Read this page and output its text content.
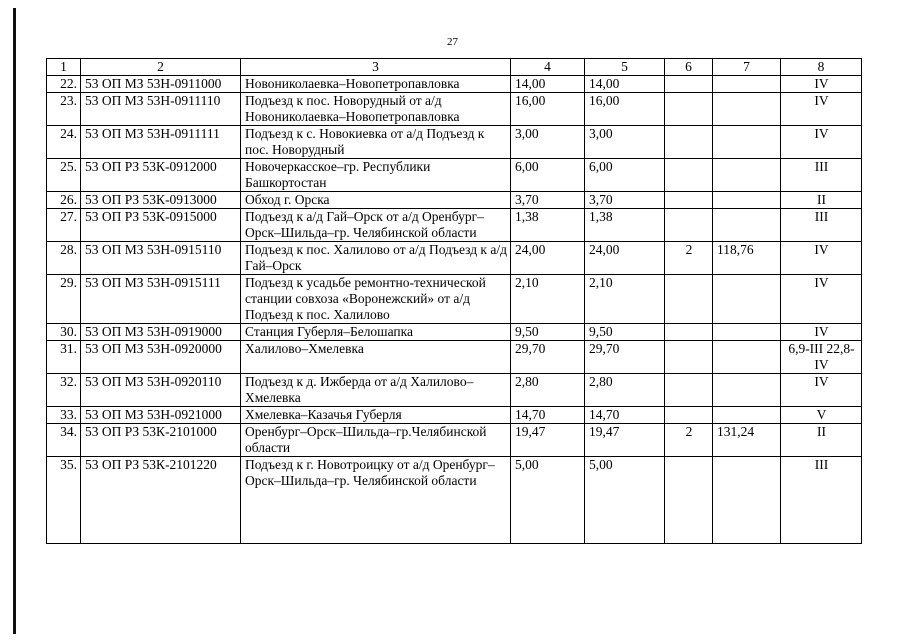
27
1	2	3	4	5	6	7	8
22.	53 ОП МЗ 53Н-0911000	Новониколаевка–Новопетропавловка	14,00	14,00			IV
23.	53 ОП МЗ 53Н-0911110	Подъезд к пос. Новорудный от а/д Новониколаевка–Новопетропавловка	16,00	16,00			IV
24.	53 ОП МЗ 53Н-0911111	Подъезд к с. Новокиевка от а/д Подъезд к пос. Новорудный	3,00	3,00			IV
25.	53 ОП РЗ 53К-0912000	Новочеркасское–гр. Республики Башкортостан	6,00	6,00			III
26.	53 ОП РЗ 53К-0913000	Обход г. Орска	3,70	3,70			II
27.	53 ОП РЗ 53К-0915000	Подъезд к а/д Гай–Орск от а/д Оренбург–Орск–Шильда–гр. Челябинской области	1,38	1,38			III
28.	53 ОП МЗ 53Н-0915110	Подъезд к пос. Халилово от а/д Подъезд к а/д Гай–Орск	24,00	24,00	2	118,76	IV
29.	53 ОП МЗ 53Н-0915111	Подъезд к усадьбе ремонтно-технической станции совхоза «Воронежский» от а/д Подъезд к пос. Халилово	2,10	2,10			IV
30.	53 ОП МЗ 53Н-0919000	Станция Губерля–Белошапка	9,50	9,50			IV
31.	53 ОП МЗ 53Н-0920000	Халилово–Хмелевка	29,70	29,70			6,9-III 22,8-IV
32.	53 ОП МЗ 53Н-0920110	Подъезд к д. Ижберда от а/д Халилово–Хмелевка	2,80	2,80			IV
33.	53 ОП МЗ 53Н-0921000	Хмелевка–Казачья Губерля	14,70	14,70			V
34.	53 ОП РЗ 53К-2101000	Оренбург–Орск–Шильда–гр.Челябинской области	19,47	19,47	2	131,24	II
35.	53 ОП РЗ 53К-2101220	Подъезд к г. Новотроицку от а/д Оренбург–Орск–Шильда–гр. Челябинской области	5,00	5,00			III
